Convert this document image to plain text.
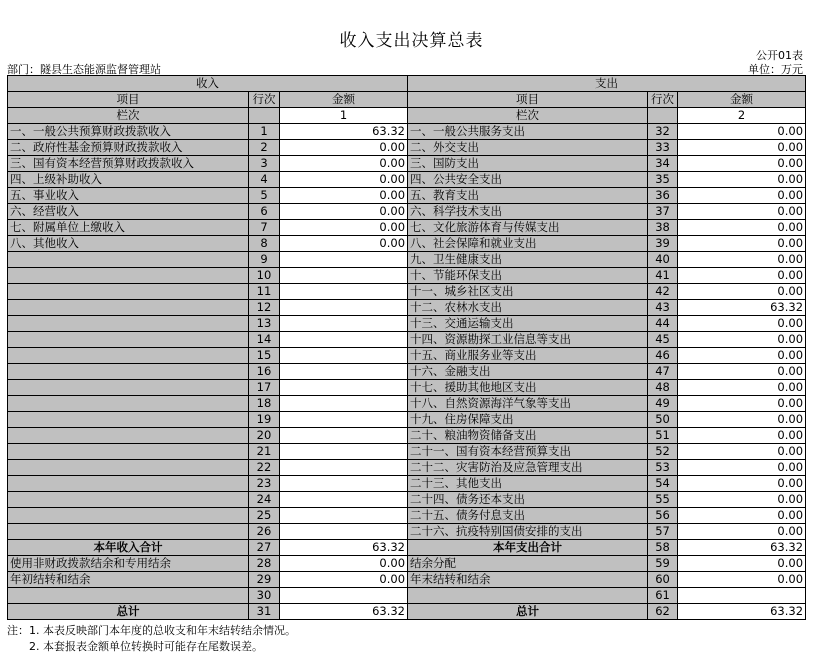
收入支出决算总表
公开01表
部门：隧县生态能源监督管理站	单位：万元
收入			支出		
项目	行次	金额	项目	行次	金额
栏次		1	栏次		2
一、一般公共预算财政拨款收入	1	63.32	一、一般公共服务支出	32	0.00
二、政府性基金预算财政拨款收入	2	0.00	二、外交支出	33	0.00
三、国有资本经营预算财政拨款收入	3	0.00	三、国防支出	34	0.00
四、上级补助收入	4	0.00	四、公共安全支出	35	0.00
五、事业收入	5	0.00	五、教育支出	36	0.00
六、经营收入	6	0.00	六、科学技术支出	37	0.00
七、附属单位上缴收入	7	0.00	七、文化旅游体育与传媒支出	38	0.00
八、其他收入	8	0.00	八、社会保障和就业支出	39	0.00
	9		九、卫生健康支出	40	0.00
	10		十、节能环保支出	41	0.00
	11		十一、城乡社区支出	42	0.00
	12		十二、农林水支出	43	63.32
	13		十三、交通运输支出	44	0.00
	14		十四、资源勘探工业信息等支出	45	0.00
	15		十五、商业服务业等支出	46	0.00
	16		十六、金融支出	47	0.00
	17		十七、援助其他地区支出	48	0.00
	18		十八、自然资源海洋气象等支出	49	0.00
	19		十九、住房保障支出	50	0.00
	20		二十、粮油物资储备支出	51	0.00
	21		二十一、国有资本经营预算支出	52	0.00
	22		二十二、灾害防治及应急管理支出	53	0.00
	23		二十三、其他支出	54	0.00
	24		二十四、债务还本支出	55	0.00
	25		二十五、债务付息支出	56	0.00
	26		二十六、抗疫特别国债安排的支出	57	0.00
本年收入合计	27	63.32	本年支出合计	58	63.32
使用非财政拨款结余和专用结余	28	0.00	结余分配	59	0.00
年初结转和结余	29	0.00	年末结转和结余	60	0.00
	30			61	
总计	31	63.32	总计	62	63.32
注：1. 本表反映部门本年度的总收支和年末结转结余情况。
2. 本套报表金额单位转换时可能存在尾数误差。
